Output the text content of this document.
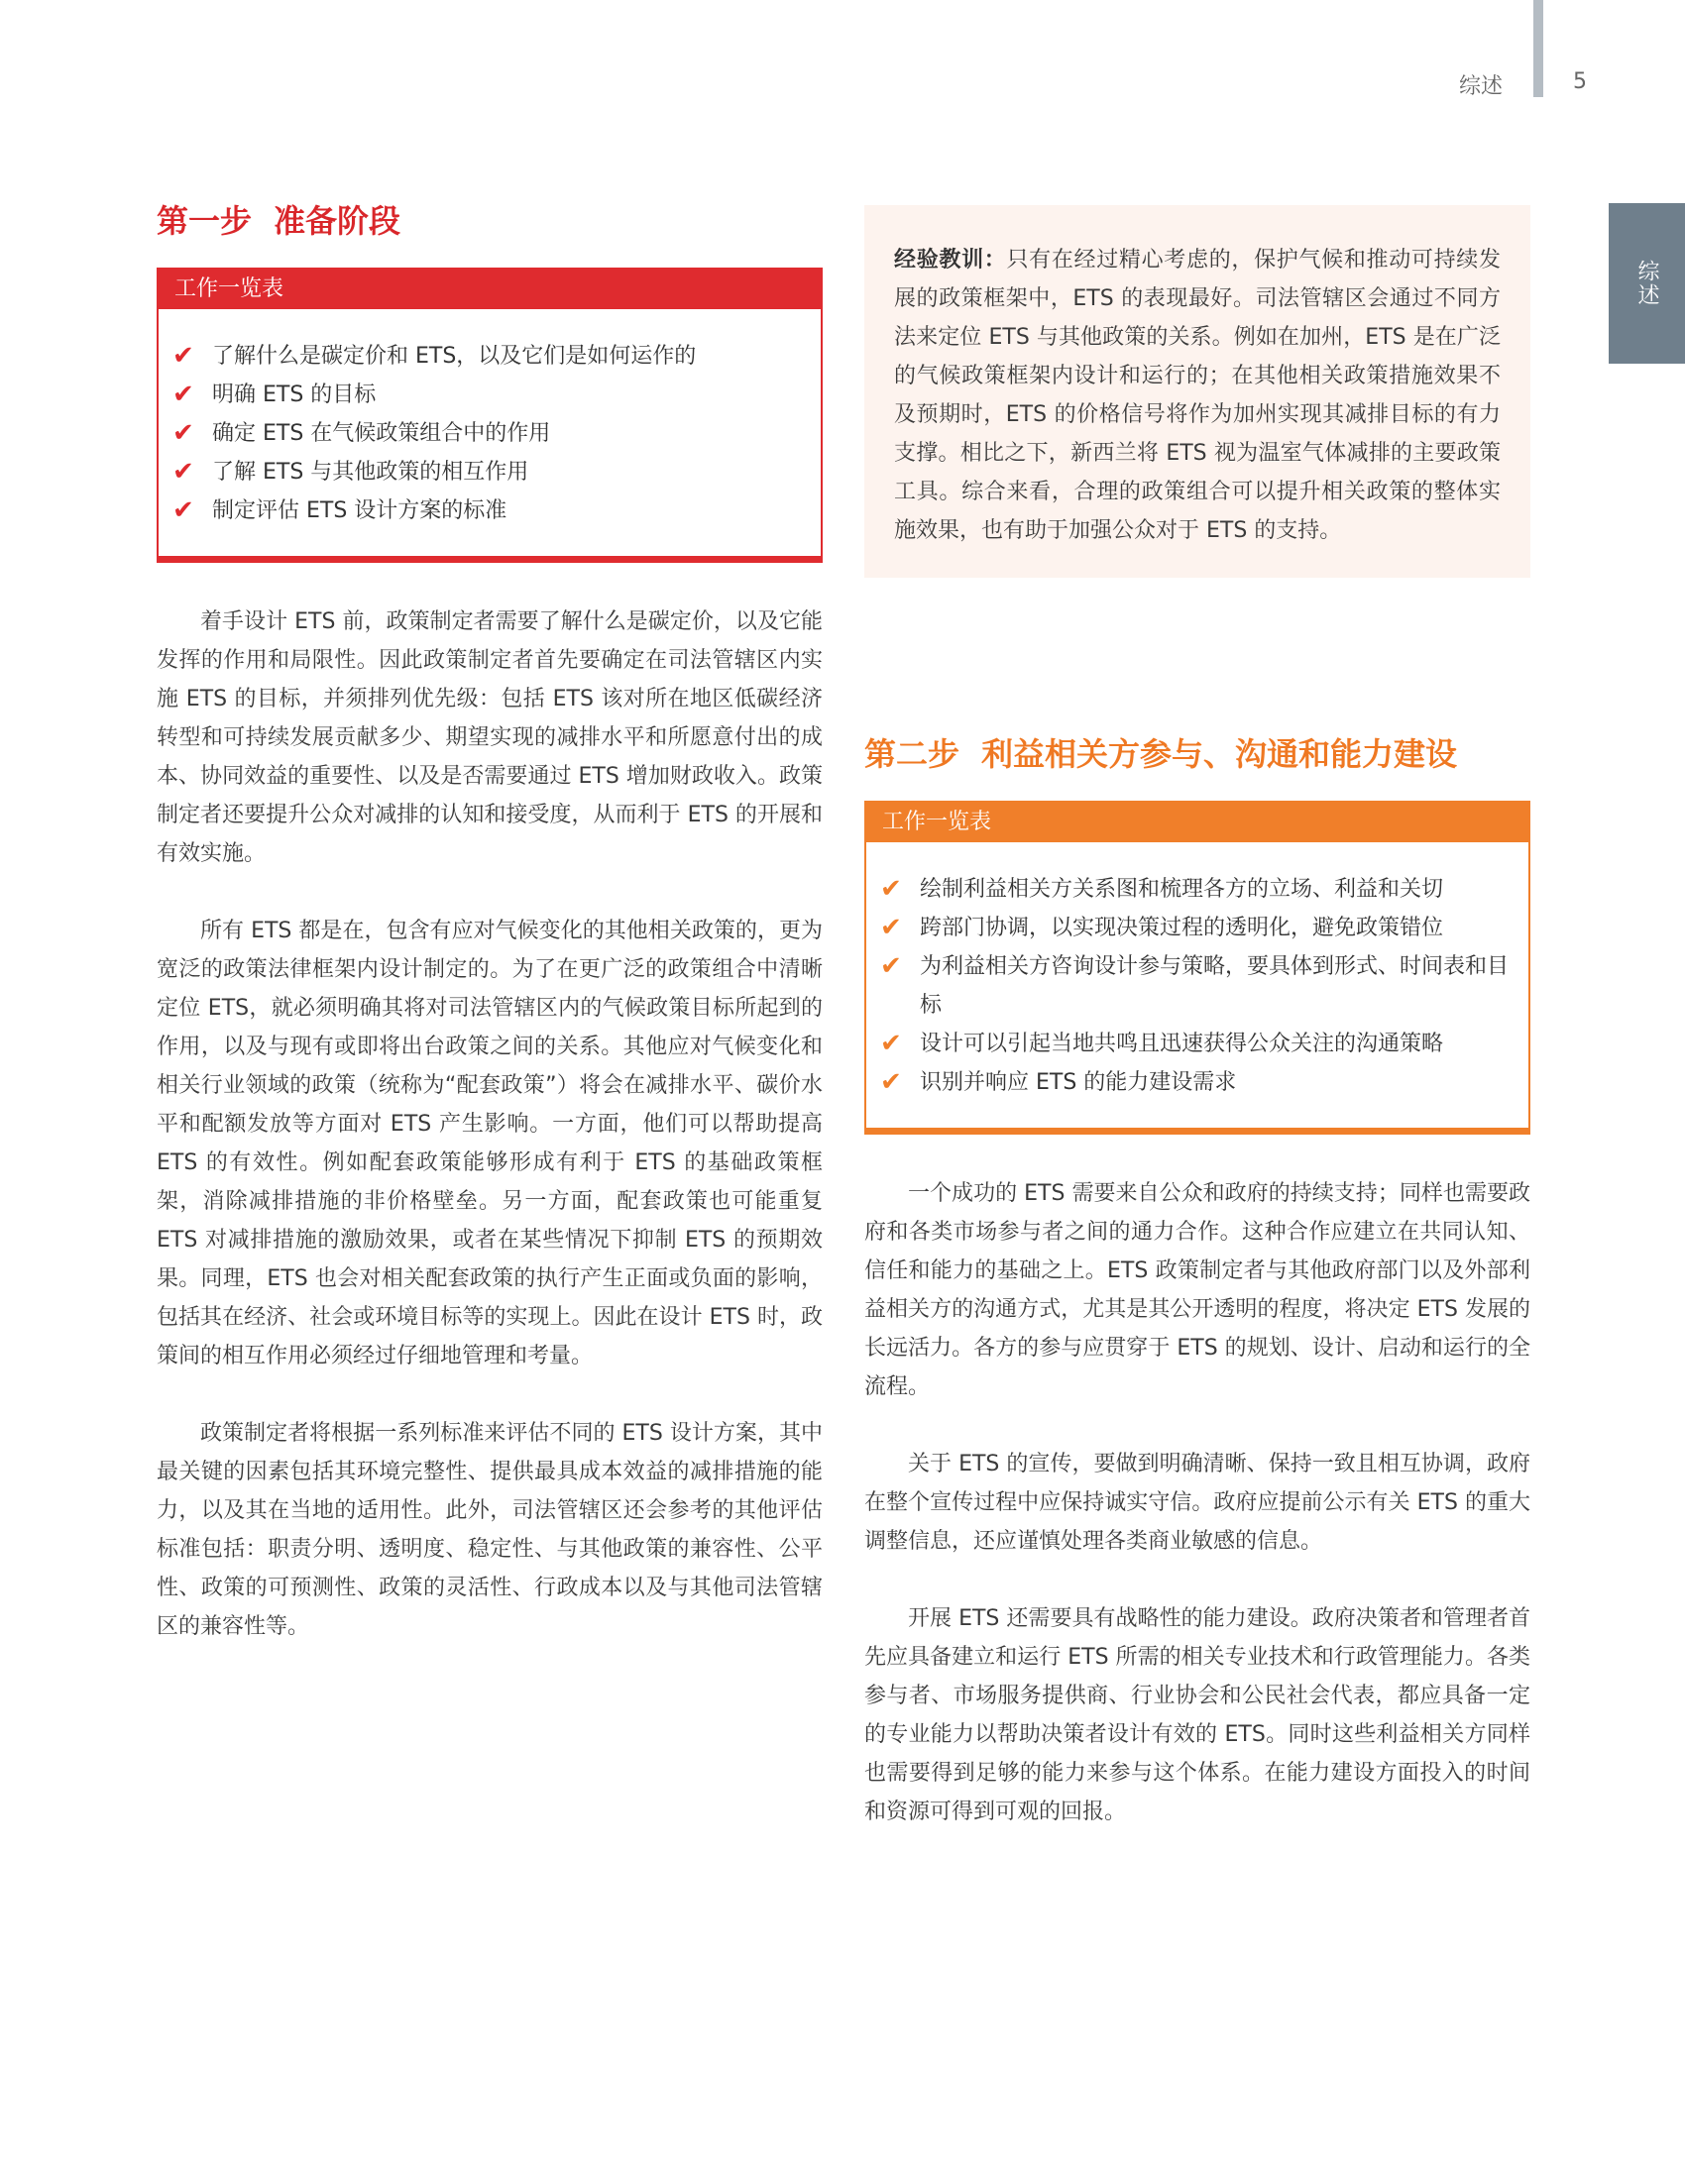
综述	5
综述
第一步 准备阶段
工作一览表
✔ 了解什么是碳定价和 ETS，以及它们是如何运作的
✔ 明确 ETS 的目标
✔ 确定 ETS 在气候政策组合中的作用
✔ 了解 ETS 与其他政策的相互作用
✔ 制定评估 ETS 设计方案的标准

着手设计 ETS 前，政策制定者需要了解什么是碳定价，以及它能发挥的作用和局限性。因此政策制定者首先要确定在司法管辖区内实施 ETS 的目标，并须排列优先级：包括 ETS 该对所在地区低碳经济转型和可持续发展贡献多少、期望实现的减排水平和所愿意付出的成本、协同效益的重要性、以及是否需要通过 ETS 增加财政收入。政策制定者还要提升公众对减排的认知和接受度，从而利于 ETS 的开展和有效实施。

所有 ETS 都是在，包含有应对气候变化的其他相关政策的，更为宽泛的政策法律框架内设计制定的。为了在更广泛的政策组合中清晰定位 ETS，就必须明确其将对司法管辖区内的气候政策目标所起到的作用，以及与现有或即将出台政策之间的关系。其他应对气候变化和相关行业领域的政策（统称为“配套政策”）将会在减排水平、碳价水平和配额发放等方面对 ETS 产生影响。一方面，他们可以帮助提高 ETS 的有效性。例如配套政策能够形成有利于 ETS 的基础政策框架，消除减排措施的非价格壁垒。另一方面，配套政策也可能重复 ETS 对减排措施的激励效果，或者在某些情况下抑制 ETS 的预期效果。同理，ETS 也会对相关配套政策的执行产生正面或负面的影响，包括其在经济、社会或环境目标等的实现上。因此在设计 ETS 时，政策间的相互作用必须经过仔细地管理和考量。

政策制定者将根据一系列标准来评估不同的 ETS 设计方案，其中最关键的因素包括其环境完整性、提供最具成本效益的减排措施的能力，以及其在当地的适用性。此外，司法管辖区还会参考的其他评估标准包括：职责分明、透明度、稳定性、与其他政策的兼容性、公平性、政策的可预测性、政策的灵活性、行政成本以及与其他司法管辖区的兼容性等。

经验教训：只有在经过精心考虑的，保护气候和推动可持续发展的政策框架中，ETS 的表现最好。司法管辖区会通过不同方法来定位 ETS 与其他政策的关系。例如在加州，ETS 是在广泛的气候政策框架内设计和运行的；在其他相关政策措施效果不及预期时，ETS 的价格信号将作为加州实现其减排目标的有力支撑。相比之下，新西兰将 ETS 视为温室气体减排的主要政策工具。综合来看，合理的政策组合可以提升相关政策的整体实施效果，也有助于加强公众对于 ETS 的支持。

第二步 利益相关方参与、沟通和能力建设
工作一览表
✔ 绘制利益相关方关系图和梳理各方的立场、利益和关切
✔ 跨部门协调，以实现决策过程的透明化，避免政策错位
✔ 为利益相关方咨询设计参与策略，要具体到形式、时间表和目标
✔ 设计可以引起当地共鸣且迅速获得公众关注的沟通策略
✔ 识别并响应 ETS 的能力建设需求

一个成功的 ETS 需要来自公众和政府的持续支持；同样也需要政府和各类市场参与者之间的通力合作。这种合作应建立在共同认知、信任和能力的基础之上。ETS 政策制定者与其他政府部门以及外部利益相关方的沟通方式，尤其是其公开透明的程度，将决定 ETS 发展的长远活力。各方的参与应贯穿于 ETS 的规划、设计、启动和运行的全流程。

关于 ETS 的宣传，要做到明确清晰、保持一致且相互协调，政府在整个宣传过程中应保持诚实守信。政府应提前公示有关 ETS 的重大调整信息，还应谨慎处理各类商业敏感的信息。

开展 ETS 还需要具有战略性的能力建设。政府决策者和管理者首先应具备建立和运行 ETS 所需的相关专业技术和行政管理能力。各类参与者、市场服务提供商、行业协会和公民社会代表，都应具备一定的专业能力以帮助决策者设计有效的 ETS。同时这些利益相关方同样也需要得到足够的能力来参与这个体系。在能力建设方面投入的时间和资源可得到可观的回报。
